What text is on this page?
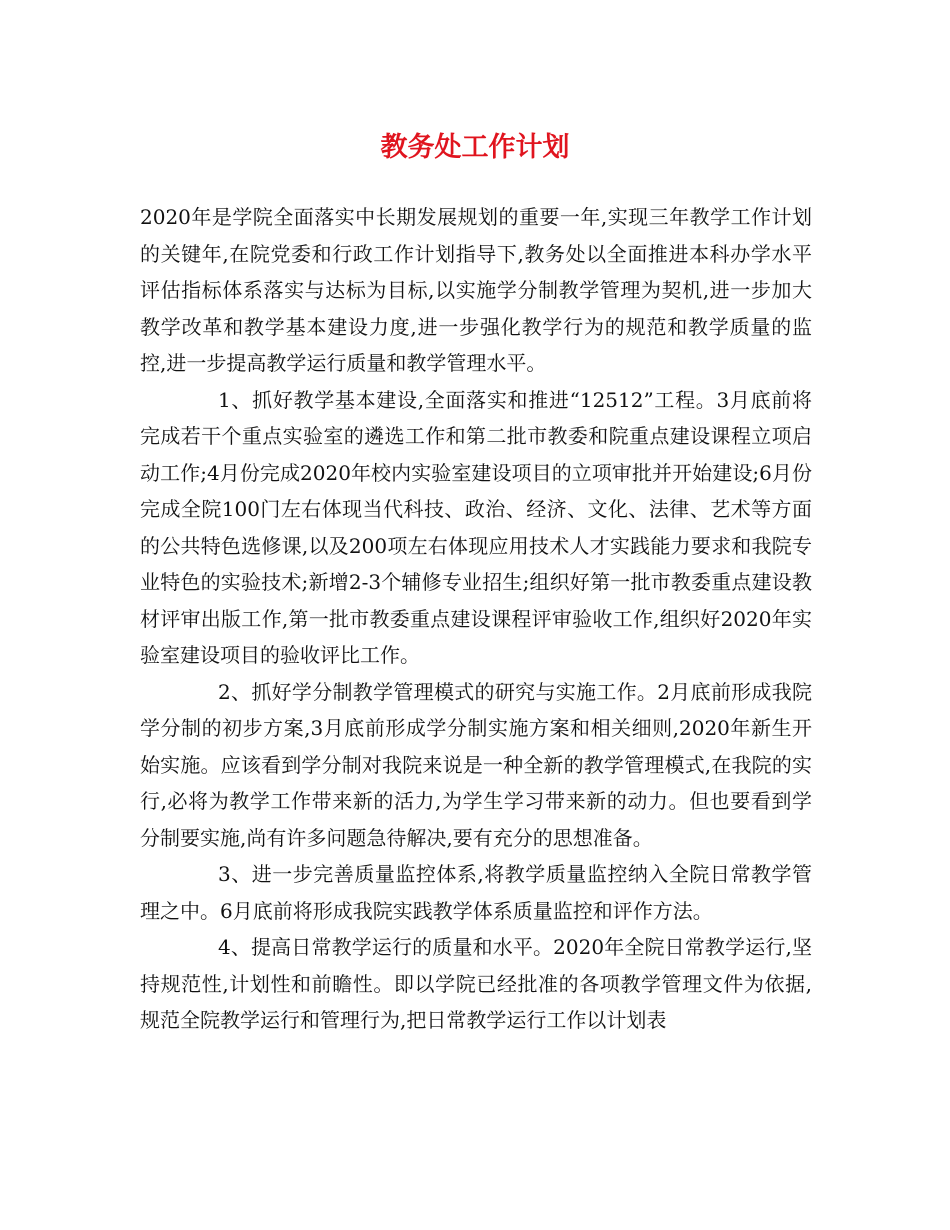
教务处工作计划

2020年是学院全面落实中长期发展规划的重要一年,实现三年教学工作计划的关键年,在院党委和行政工作计划指导下,教务处以全面推进本科办学水平评估指标体系落实与达标为目标,以实施学分制教学管理为契机,进一步加大教学改革和教学基本建设力度,进一步强化教学行为的规范和教学质量的监控,进一步提高教学运行质量和教学管理水平。

1、抓好教学基本建设,全面落实和推进“12512”工程。3月底前将完成若干个重点实验室的遴选工作和第二批市教委和院重点建设课程立项启动工作;4月份完成2020年校内实验室建设项目的立项审批并开始建设;6月份完成全院100门左右体现当代科技、政治、经济、文化、法律、艺术等方面的公共特色选修课,以及200项左右体现应用技术人才实践能力要求和我院专业特色的实验技术;新增2-3个辅修专业招生;组织好第一批市教委重点建设教材评审出版工作,第一批市教委重点建设课程评审验收工作,组织好2020年实验室建设项目的验收评比工作。

2、抓好学分制教学管理模式的研究与实施工作。2月底前形成我院学分制的初步方案,3月底前形成学分制实施方案和相关细则,2020年新生开始实施。应该看到学分制对我院来说是一种全新的教学管理模式,在我院的实行,必将为教学工作带来新的活力,为学生学习带来新的动力。但也要看到学分制要实施,尚有许多问题急待解决,要有充分的思想准备。

3、进一步完善质量监控体系,将教学质量监控纳入全院日常教学管理之中。6月底前将形成我院实践教学体系质量监控和评作方法。

4、提高日常教学运行的质量和水平。2020年全院日常教学运行,坚持规范性,计划性和前瞻性。即以学院已经批准的各项教学管理文件为依据,规范全院教学运行和管理行为,把日常教学运行工作以计划表
